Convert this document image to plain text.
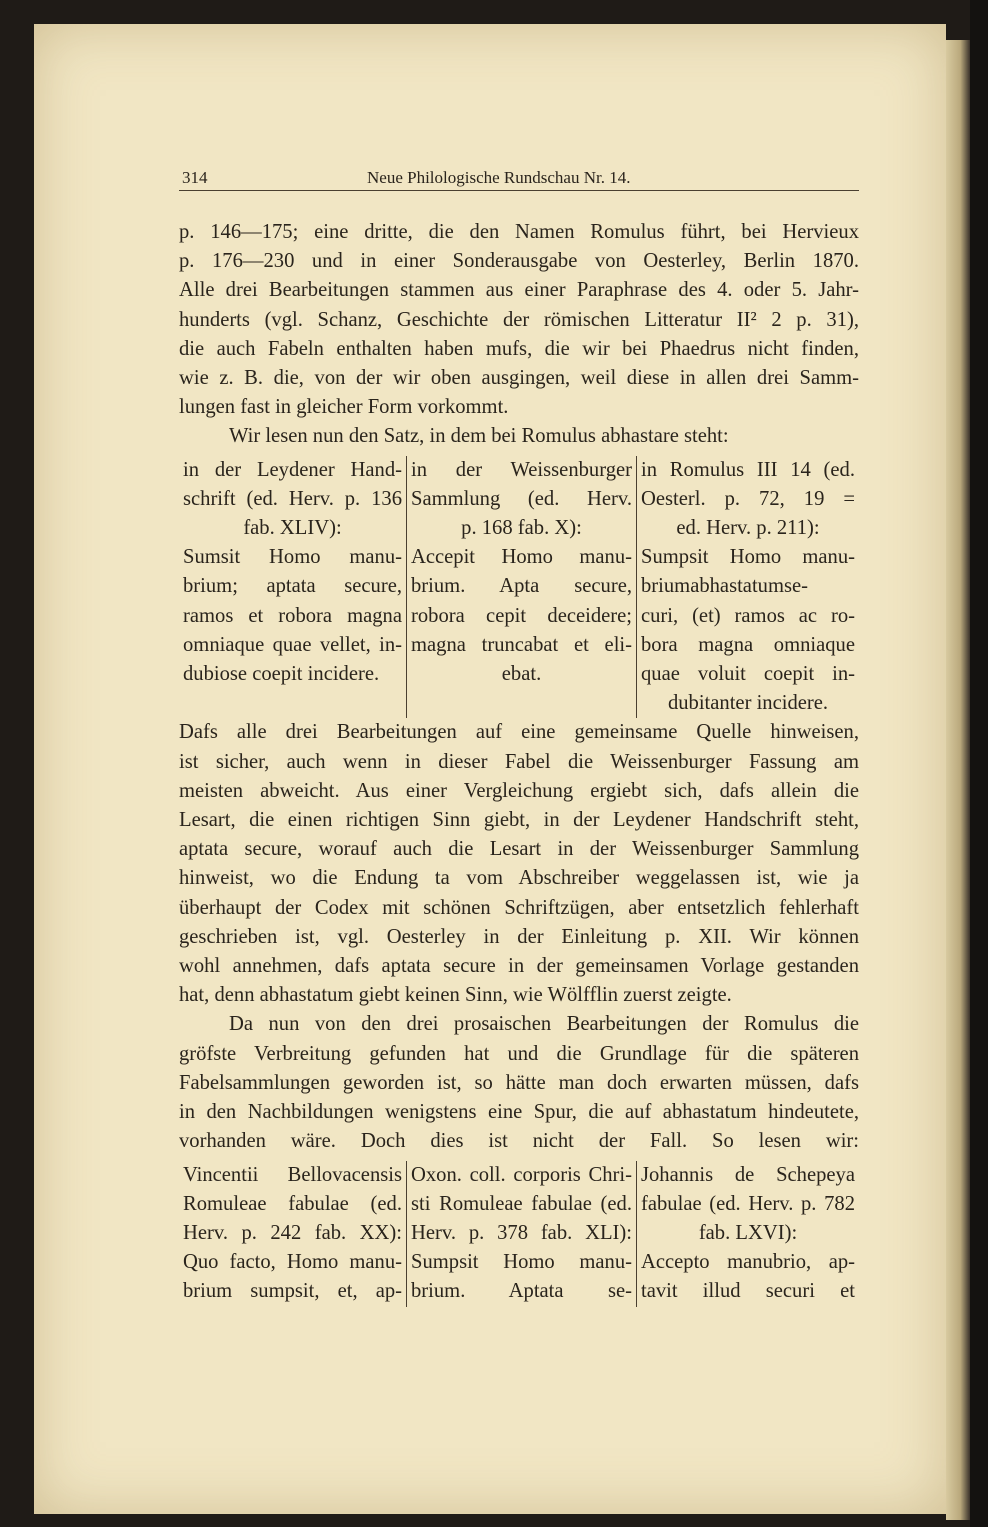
314	Neue Philologische Rundschau Nr. 14.
p. 146—175; eine dritte, die den Namen Romulus führt, bei Hervieux
p. 176—230 und in einer Sonderausgabe von Oesterley, Berlin 1870.
Alle drei Bearbeitungen stammen aus einer Paraphrase des 4. oder 5. Jahr-
hunderts (vgl. Schanz, Geschichte der römischen Litteratur II² 2 p. 31),
die auch Fabeln enthalten haben mufs, die wir bei Phaedrus nicht finden,
wie z. B. die, von der wir oben ausgingen, weil diese in allen drei Samm-
lungen fast in gleicher Form vorkommt.
Wir lesen nun den Satz, in dem bei Romulus abhastare steht:
in der Leydener Hand-
schrift (ed. Herv. p. 136
fab. XLIV):
Sumsit Homo manu-
brium; aptata secure,
ramos et robora magna
omniaque quae vellet, in-
dubiose coepit incidere.
in der Weissenburger
Sammlung (ed. Herv.
p. 168 fab. X):
Accepit Homo manu-
brium. Apta secure,
robora cepit deceidere;
magna truncabat et eli-
ebat.
in Romulus III 14 (ed.
Oesterl. p. 72, 19 =
ed. Herv. p. 211):
Sumpsit Homo manu-
briumabhastatumse-
curi, (et) ramos ac ro-
bora magna omniaque
quae voluit coepit in-
dubitanter incidere.
Dafs alle drei Bearbeitungen auf eine gemeinsame Quelle hinweisen,
ist sicher, auch wenn in dieser Fabel die Weissenburger Fassung am
meisten abweicht. Aus einer Vergleichung ergiebt sich, dafs allein die
Lesart, die einen richtigen Sinn giebt, in der Leydener Handschrift steht,
aptata secure, worauf auch die Lesart in der Weissenburger Sammlung
hinweist, wo die Endung ta vom Abschreiber weggelassen ist, wie ja
überhaupt der Codex mit schönen Schriftzügen, aber entsetzlich fehlerhaft
geschrieben ist, vgl. Oesterley in der Einleitung p. XII. Wir können
wohl annehmen, dafs aptata secure in der gemeinsamen Vorlage gestanden
hat, denn abhastatum giebt keinen Sinn, wie Wölfflin zuerst zeigte.
Da nun von den drei prosaischen Bearbeitungen der Romulus die
gröfste Verbreitung gefunden hat und die Grundlage für die späteren
Fabelsammlungen geworden ist, so hätte man doch erwarten müssen, dafs
in den Nachbildungen wenigstens eine Spur, die auf abhastatum hindeutete,
vorhanden wäre. Doch dies ist nicht der Fall. So lesen wir:
Vincentii Bellovacensis
Romuleae fabulae (ed.
Herv. p. 242 fab. XX):
Quo facto, Homo manu-
brium sumpsit, et, ap-
Oxon. coll. corporis Chri-
sti Romuleae fabulae (ed.
Herv. p. 378 fab. XLI):
Sumpsit Homo manu-
brium. Aptata se-
Johannis de Schepeya
fabulae (ed. Herv. p. 782
fab. LXVI):
Accepto manubrio, ap-
tavit illud securi et
